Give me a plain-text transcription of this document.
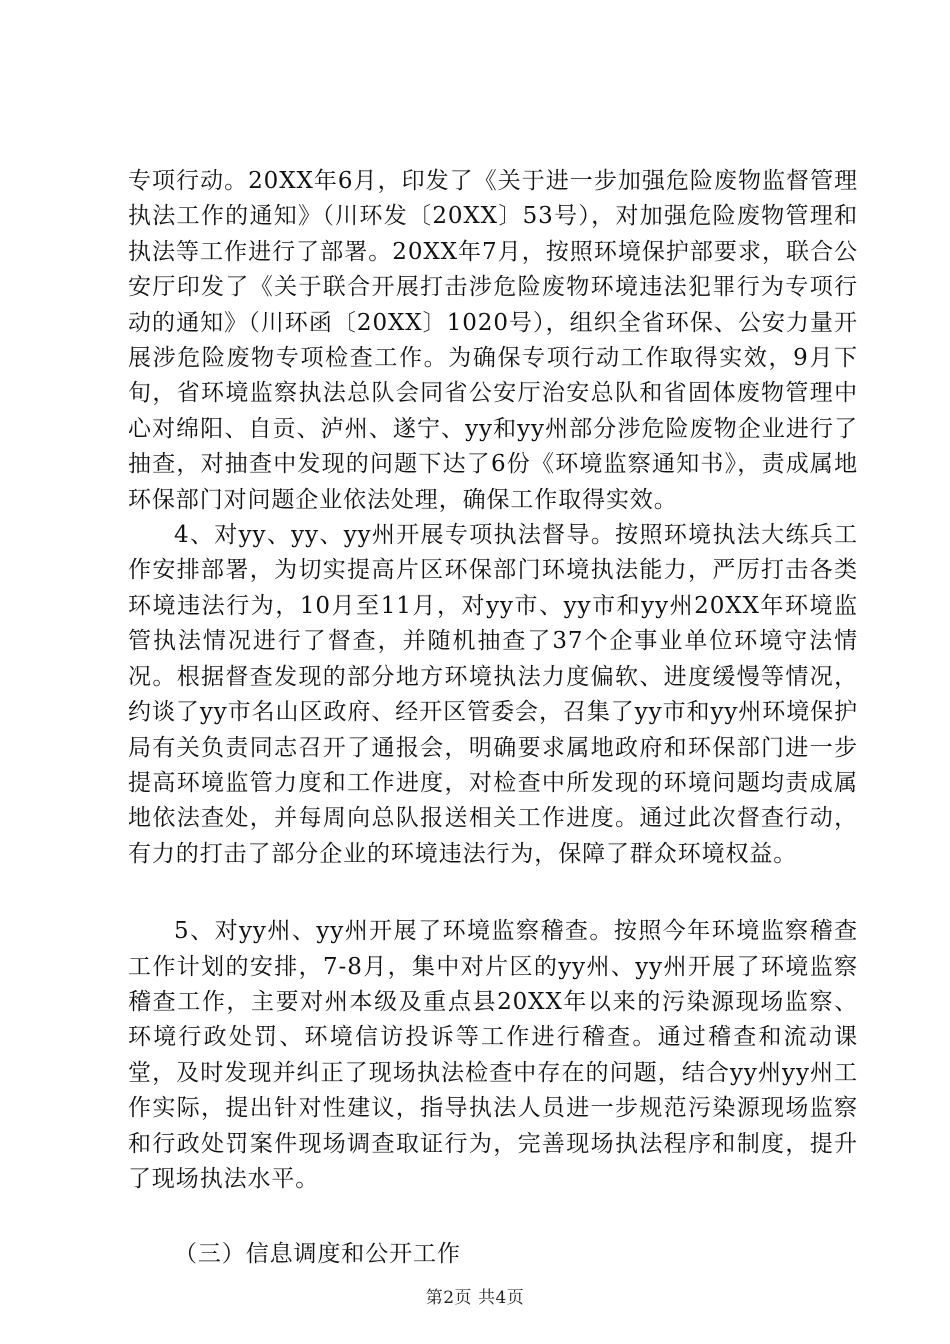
专项行动。20XX年6月，印发了《关于进一步加强危险废物监督管理执法工作的通知》（川环发〔20XX〕53号），对加强危险废物管理和执法等工作进行了部署。20XX年7月，按照环境保护部要求，联合公安厅印发了《关于联合开展打击涉危险废物环境违法犯罪行为专项行动的通知》（川环函〔20XX〕1020号），组织全省环保、公安力量开展涉危险废物专项检查工作。为确保专项行动工作取得实效，9月下旬，省环境监察执法总队会同省公安厅治安总队和省固体废物管理中心对绵阳、自贡、泸州、遂宁、yy和yy州部分涉危险废物企业进行了抽查，对抽查中发现的问题下达了6份《环境监察通知书》，责成属地环保部门对问题企业依法处理，确保工作取得实效。

4、对yy、yy、yy州开展专项执法督导。按照环境执法大练兵工作安排部署，为切实提高片区环保部门环境执法能力，严厉打击各类环境违法行为，10月至11月，对yy市、yy市和yy州20XX年环境监管执法情况进行了督查，并随机抽查了37个企事业单位环境守法情况。根据督查发现的部分地方环境执法力度偏软、进度缓慢等情况，约谈了yy市名山区政府、经开区管委会，召集了yy市和yy州环境保护局有关负责同志召开了通报会，明确要求属地政府和环保部门进一步提高环境监管力度和工作进度，对检查中所发现的环境问题均责成属地依法查处，并每周向总队报送相关工作进度。通过此次督查行动，有力的打击了部分企业的环境违法行为，保障了群众环境权益。

5、对yy州、yy州开展了环境监察稽查。按照今年环境监察稽查工作计划的安排，7-8月，集中对片区的yy州、yy州开展了环境监察稽查工作，主要对州本级及重点县20XX年以来的污染源现场监察、环境行政处罚、环境信访投诉等工作进行稽查。通过稽查和流动课堂，及时发现并纠正了现场执法检查中存在的问题，结合yy州yy州工作实际，提出针对性建议，指导执法人员进一步规范污染源现场监察和行政处罚案件现场调查取证行为，完善现场执法程序和制度，提升了现场执法水平。

（三）信息调度和公开工作

第2页 共4页
